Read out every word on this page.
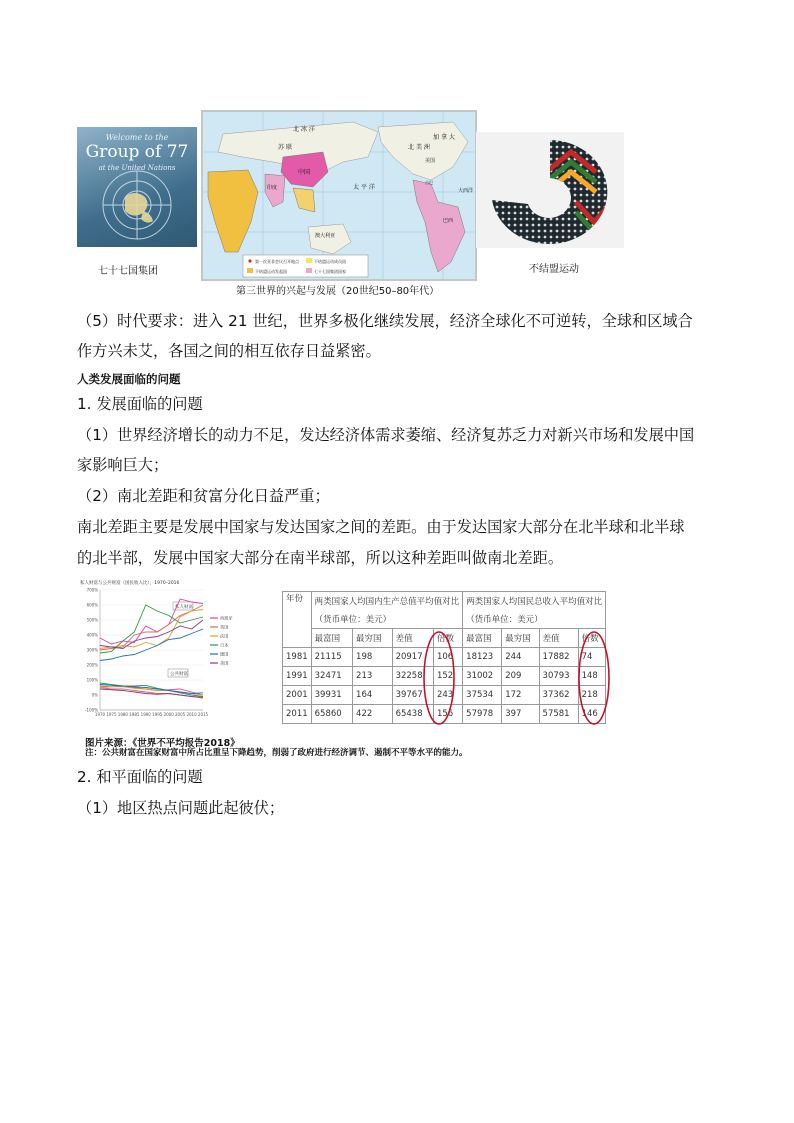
Welcome to the
Group of 77
at the United Nations
七十七国集团
第一次亚非会议召开地点	不结盟运动成员国
不结盟运动发起国	七十七国集团国家
北 冰 洋
苏 联
中国
印度	太 平 洋
北 美 洲
加 拿 大
美国
古巴
巴西
大西洋
澳大利亚
第三世界的兴起与发展（20世纪50–80年代）
不结盟运动
（5）时代要求：进入 21 世纪，世界多极化继续发展，经济全球化不可逆转，全球和区域合
作方兴未艾，各国之间的相互依存日益紧密。
人类发展面临的问题
1. 发展面临的问题
（1）世界经济增长的动力不足，发达经济体需求萎缩、经济复苏乏力对新兴市场和发展中国
家影响巨大；
（2）南北差距和贫富分化日益严重；
南北差距主要是发展中国家与发达国家之间的差距。由于发达国家大部分在北半球和北半球
的北半部，发展中国家大部分在南半球部，所以这种差距叫做南北差距。
私人财富与公共财富（国民收入比），1970–2016
私人财富
公共财富
700%
600%
500%
400%
300%
200%
100%
0%
-100%
1970 1975 1980 1985 1990 1995 2000 2005 2010 2015
西班牙
英国
法国
日本
德国
美国
年份	两类国家人均国内生产总值平均值对比				两类国家人均国民总收入平均值对比			
	（货币单位：美元）				（货币单位：美元）			
	最富国	最穷国	差值	倍数	最富国	最穷国	差值	倍数
1981	21115	198	20917	106	18123	244	17882	74
1991	32471	213	32258	152	31002	209	30793	148
2001	39931	164	39767	243	37534	172	37362	218
2011	65860	422	65438	156	57978	397	57581	146
图片来源：《世界不平均报告2018》
注：公共财富在国家财富中所占比重呈下降趋势，削弱了政府进行经济调节、遏制不平等水平的能力。
2. 和平面临的问题
（1）地区热点问题此起彼伏；
